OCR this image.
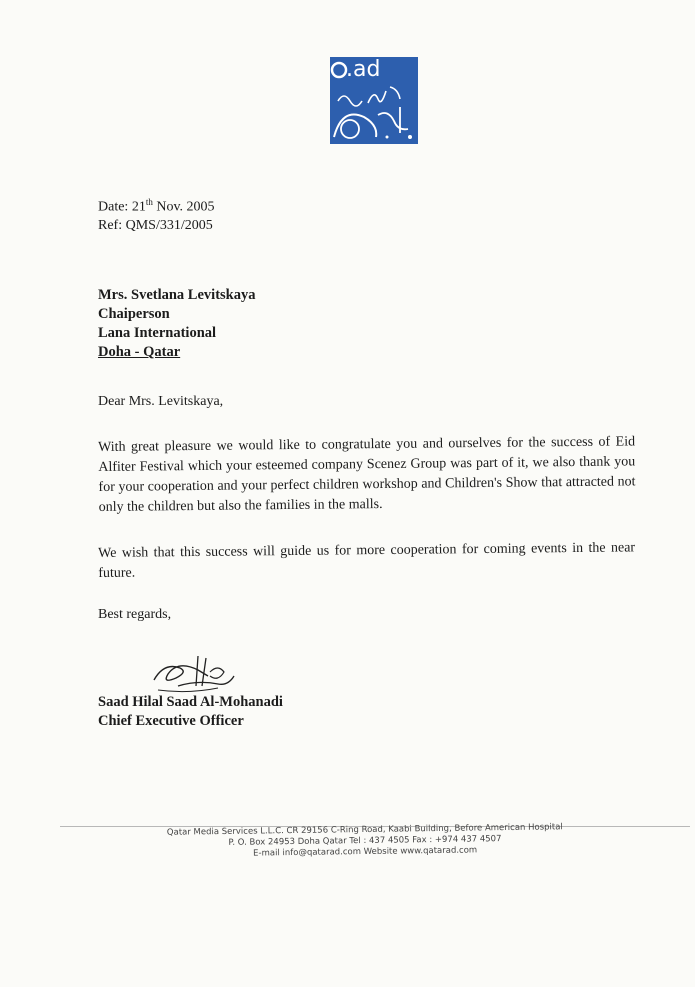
.ad
Date: 21th Nov. 2005
Ref: QMS/331/2005
Mrs. Svetlana Levitskaya
Chaiperson
Lana International
Doha - Qatar
Dear Mrs. Levitskaya,
With great pleasure we would like to congratulate you and ourselves for the success of Eid Alfiter Festival which your esteemed company Scenez Group was part of it, we also thank you for your cooperation and your perfect children workshop and Children's Show that attracted not only the children but also the families in the malls.
We wish that this success will guide us for more cooperation for coming events in the near future.
Best regards,
Saad Hilal Saad Al-Mohanadi
Chief Executive Officer
Qatar Media Services L.L.C. CR 29156 C-Ring Road, Kaabi Building, Before American Hospital
P. O. Box 24953 Doha Qatar Tel : 437 4505 Fax : +974 437 4507
E-mail info@qatarad.com Website www.qatarad.com
